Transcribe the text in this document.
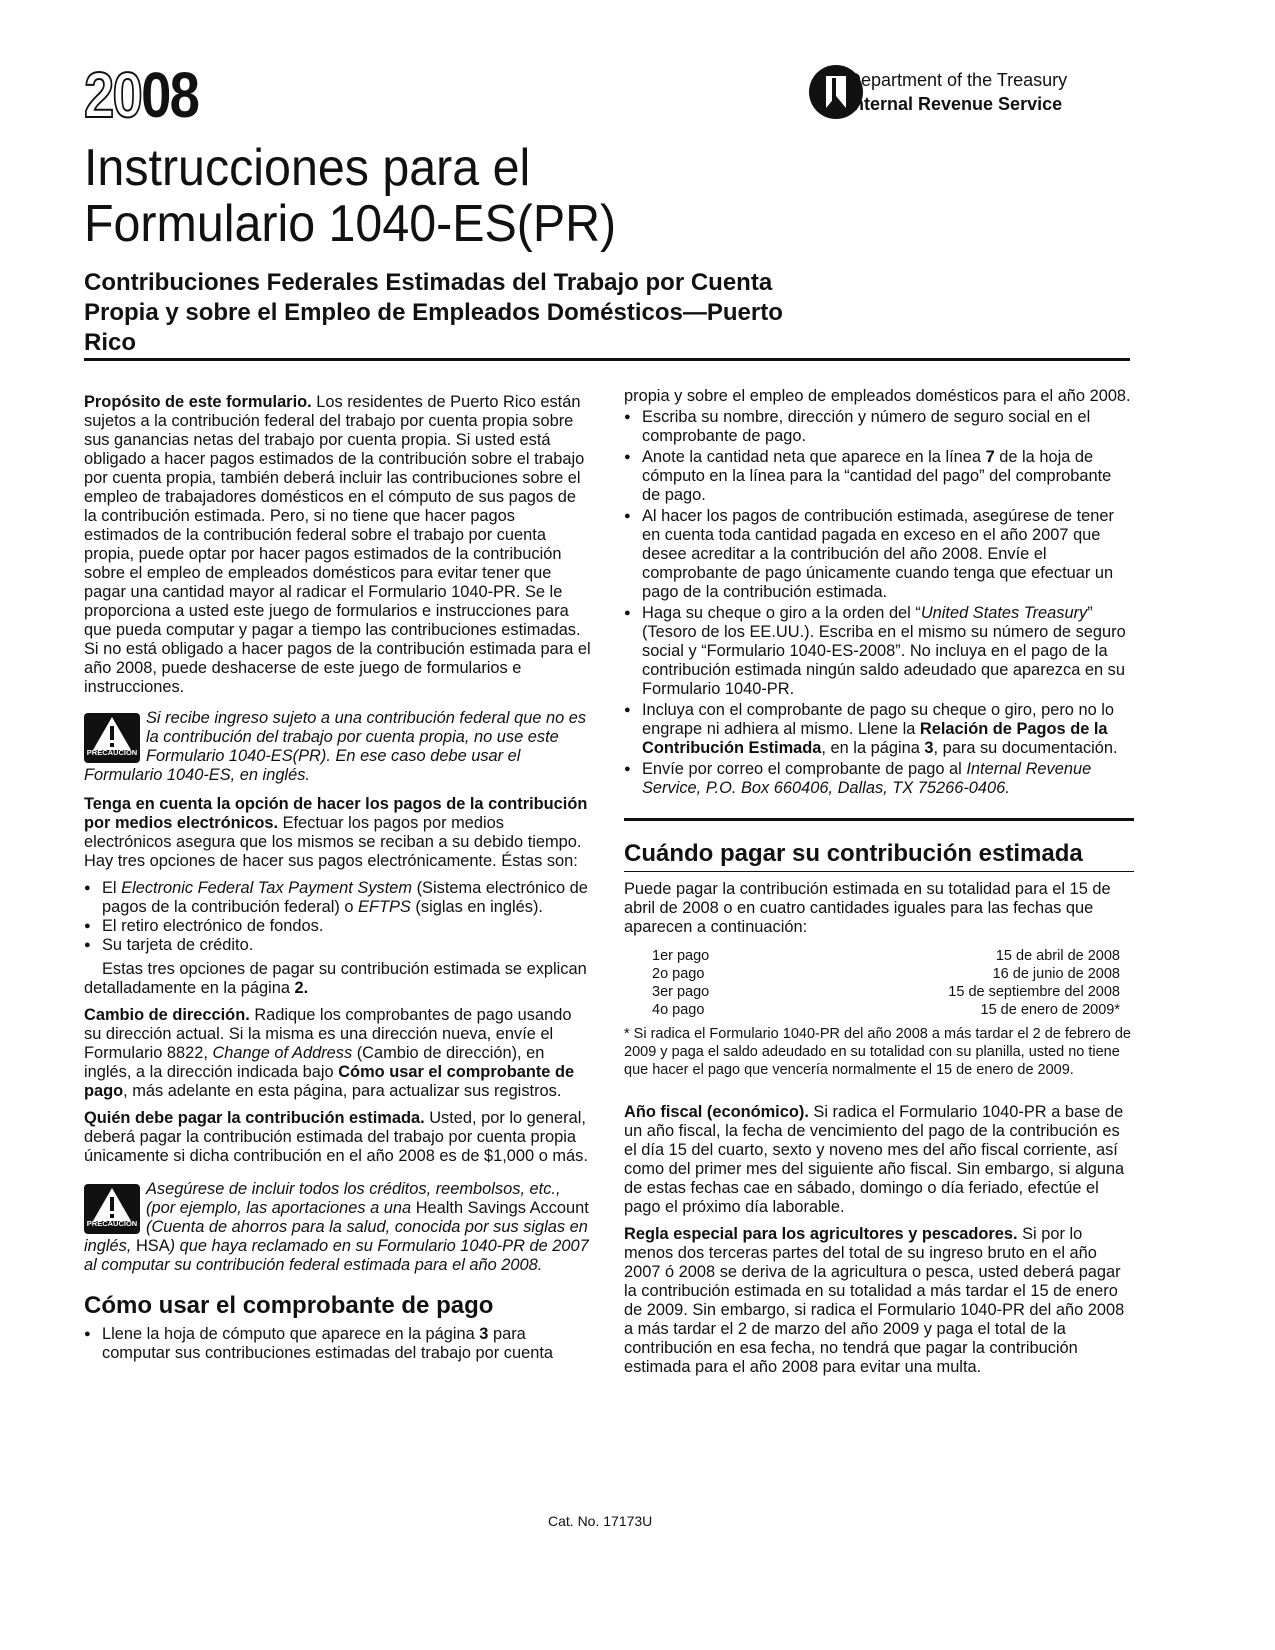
2008	Department of the Treasury
Internal Revenue Service
Instrucciones para el
Formulario 1040-ES(PR)
Contribuciones Federales Estimadas del Trabajo por Cuenta Propia y sobre el Empleo de Empleados Domésticos—Puerto Rico

Propósito de este formulario. Los residentes de Puerto Rico están sujetos a la contribución federal del trabajo por cuenta propia sobre sus ganancias netas del trabajo por cuenta propia. Si usted está obligado a hacer pagos estimados de la contribución sobre el trabajo por cuenta propia, también deberá incluir las contribuciones sobre el empleo de trabajadores domésticos en el cómputo de sus pagos de la contribución estimada. Pero, si no tiene que hacer pagos estimados de la contribución federal sobre el trabajo por cuenta propia, puede optar por hacer pagos estimados de la contribución sobre el empleo de empleados domésticos para evitar tener que pagar una cantidad mayor al radicar el Formulario 1040-PR. Se le proporciona a usted este juego de formularios e instrucciones para que pueda computar y pagar a tiempo las contribuciones estimadas. Si no está obligado a hacer pagos de la contribución estimada para el año 2008, puede deshacerse de este juego de formularios e instrucciones.

PRECAUCIÓN
Si recibe ingreso sujeto a una contribución federal que no es la contribución del trabajo por cuenta propia, no use este Formulario 1040-ES(PR). En ese caso debe usar el Formulario 1040-ES, en inglés.

Tenga en cuenta la opción de hacer los pagos de la contribución por medios electrónicos. Efectuar los pagos por medios electrónicos asegura que los mismos se reciban a su debido tiempo. Hay tres opciones de hacer sus pagos electrónicamente. Éstas son:

● El Electronic Federal Tax Payment System (Sistema electrónico de pagos de la contribución federal) o EFTPS (siglas en inglés).
● El retiro electrónico de fondos.
● Su tarjeta de crédito.

Estas tres opciones de pagar su contribución estimada se explican detalladamente en la página 2.

Cambio de dirección. Radique los comprobantes de pago usando su dirección actual. Si la misma es una dirección nueva, envíe el Formulario 8822, Change of Address (Cambio de dirección), en inglés, a la dirección indicada bajo Cómo usar el comprobante de pago, más adelante en esta página, para actualizar sus registros.

Quién debe pagar la contribución estimada. Usted, por lo general, deberá pagar la contribución estimada del trabajo por cuenta propia únicamente si dicha contribución en el año 2008 es de $1,000 o más.

PRECAUCIÓN
Asegúrese de incluir todos los créditos, reembolsos, etc., (por ejemplo, las aportaciones a una Health Savings Account (Cuenta de ahorros para la salud, conocida por sus siglas en inglés, HSA) que haya reclamado en su Formulario 1040-PR de 2007 al computar su contribución federal estimada para el año 2008.
Cómo usar el comprobante de pago
● Llene la hoja de cómputo que aparece en la página 3 para computar sus contribuciones estimadas del trabajo por cuenta

propia y sobre el empleo de empleados domésticos para el año 2008.

● Escriba su nombre, dirección y número de seguro social en el comprobante de pago.
● Anote la cantidad neta que aparece en la línea 7 de la hoja de cómputo en la línea para la “cantidad del pago” del comprobante de pago.
● Al hacer los pagos de contribución estimada, asegúrese de tener en cuenta toda cantidad pagada en exceso en el año 2007 que desee acreditar a la contribución del año 2008. Envíe el comprobante de pago únicamente cuando tenga que efectuar un pago de la contribución estimada.
● Haga su cheque o giro a la orden del “United States Treasury” (Tesoro de los EE.UU.). Escriba en el mismo su número de seguro social y “Formulario 1040-ES-2008”. No incluya en el pago de la contribución estimada ningún saldo adeudado que aparezca en su Formulario 1040-PR.
● Incluya con el comprobante de pago su cheque o giro, pero no lo engrape ni adhiera al mismo. Llene la Relación de Pagos de la Contribución Estimada, en la página 3, para su documentación.
● Envíe por correo el comprobante de pago al Internal Revenue Service, P.O. Box 660406, Dallas, TX 75266-0406.
Cuándo pagar su contribución estimada

Puede pagar la contribución estimada en su totalidad para el 15 de abril de 2008 o en cuatro cantidades iguales para las fechas que aparecen a continuación:

1er pago	15 de abril de 2008
2o pago	16 de junio de 2008
3er pago	15 de septiembre del 2008
4o pago	15 de enero de 2009*

* Si radica el Formulario 1040-PR del año 2008 a más tardar el 2 de febrero de 2009 y paga el saldo adeudado en su totalidad con su planilla, usted no tiene que hacer el pago que vencería normalmente el 15 de enero de 2009.

Año fiscal (económico). Si radica el Formulario 1040-PR a base de un año fiscal, la fecha de vencimiento del pago de la contribución es el día 15 del cuarto, sexto y noveno mes del año fiscal corriente, así como del primer mes del siguiente año fiscal. Sin embargo, si alguna de estas fechas cae en sábado, domingo o día feriado, efectúe el pago el próximo día laborable.

Regla especial para los agricultores y pescadores. Si por lo menos dos terceras partes del total de su ingreso bruto en el año 2007 ó 2008 se deriva de la agricultura o pesca, usted deberá pagar la contribución estimada en su totalidad a más tardar el 15 de enero de 2009. Sin embargo, si radica el Formulario 1040-PR del año 2008 a más tardar el 2 de marzo del año 2009 y paga el total de la contribución en esa fecha, no tendrá que pagar la contribución estimada para el año 2008 para evitar una multa.

Cat. No. 17173U
